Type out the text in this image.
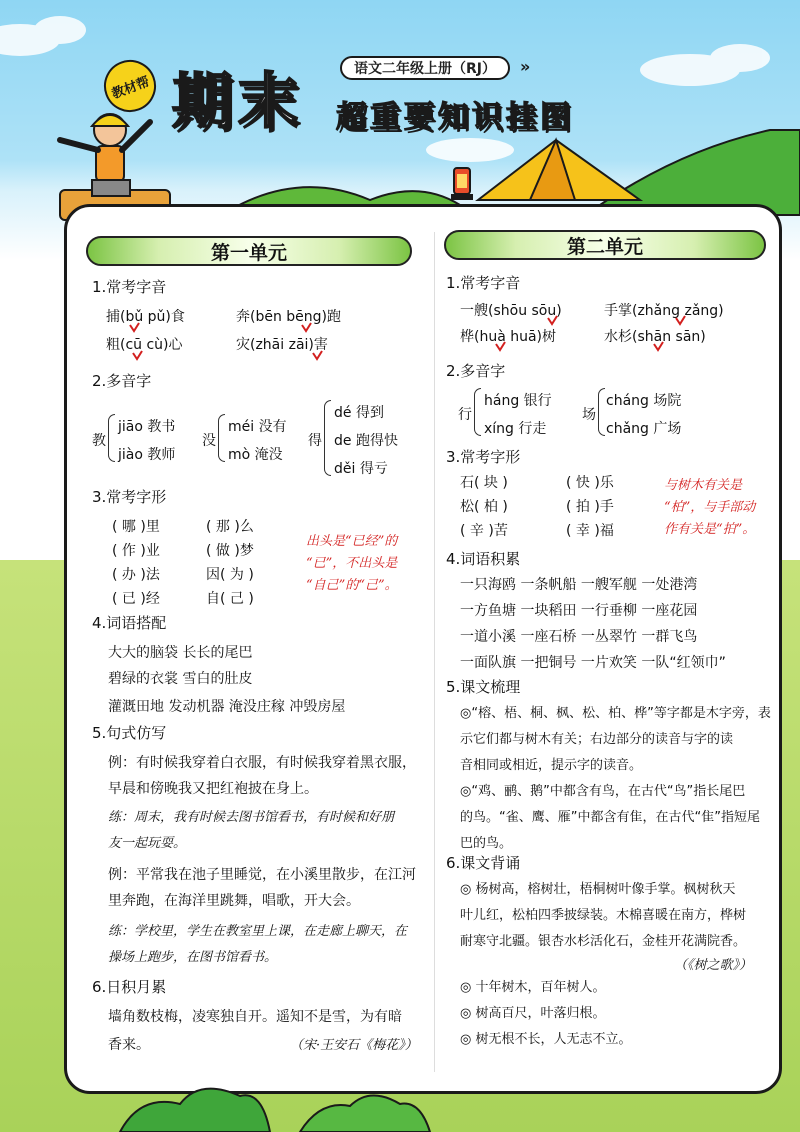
教材帮 期末	语文二年级上册（RJ）	»
超重要知识挂图
第一单元
1.常考字音
捕(bǔ pǔ)食	奔(bēn bēng)跑
粗(cū cù)心	灾(zhāi zāi)害
2.多音字
教
jiāo 教书
jiào 教师
没
méi 没有
mò 淹没
得
dé 得到
de 跑得快
děi 得亏
3.常考字形
( 哪 )里	( 那 )么
( 作 )业	( 做 )梦
( 办 )法	因( 为 )
( 已 )经	自( 己 )
出头是“已经”的
“已”，不出头是
“自己”的“己”。
4.词语搭配
大大的脑袋 长长的尾巴
碧绿的衣裳 雪白的肚皮
灌溉田地 发动机器 淹没庄稼 冲毁房屋
5.句式仿写
例：有时候我穿着白衣服，有时候我穿着黑衣服，
早晨和傍晚我又把红袍披在身上。
练：周末，我有时候去图书馆看书，有时候和好朋
友一起玩耍。
例：平常我在池子里睡觉，在小溪里散步，在江河
里奔跑，在海洋里跳舞，唱歌，开大会。
练：学校里，学生在教室里上课，在走廊上聊天，在
操场上跑步，在图书馆看书。
6.日积月累
墙角数枝梅，凌寒独自开。遥知不是雪，为有暗
香来。	（宋·王安石《梅花》）
第二单元
1.常考字音
一艘(shōu sōu)	手掌(zhǎng zǎng)
桦(huà huā)树	水杉(shān sān)
2.多音字
行
háng 银行
xíng 行走
场
cháng 场院
chǎng 广场
3.常考字形
石( 块 )	( 快 )乐
松( 柏 )	( 拍 )手
( 辛 )苦	( 幸 )福
与树木有关是
“柏”，与手部动
作有关是“拍”。
4.词语积累
一只海鸥 一条帆船 一艘军舰 一处港湾
一方鱼塘 一块稻田 一行垂柳 一座花园
一道小溪 一座石桥 一丛翠竹 一群飞鸟
一面队旗 一把铜号 一片欢笑 一队“红领巾”
5.课文梳理
◎“榕、梧、桐、枫、松、柏、桦”等字都是木字旁，表
示它们都与树木有关；右边部分的读音与字的读
音相同或相近，提示字的读音。
◎“鸡、鹂、鹅”中都含有鸟，在古代“鸟”指长尾巴
的鸟。“雀、鹰、雁”中都含有隹，在古代“隹”指短尾
巴的鸟。
6.课文背诵
◎ 杨树高，榕树壮，梧桐树叶像手掌。枫树秋天
叶儿红，松柏四季披绿装。木棉喜暖在南方，桦树
耐寒守北疆。银杏水杉活化石，金桂开花满院香。
（《树之歌》）
◎ 十年树木，百年树人。
◎ 树高百尺，叶落归根。
◎ 树无根不长，人无志不立。
